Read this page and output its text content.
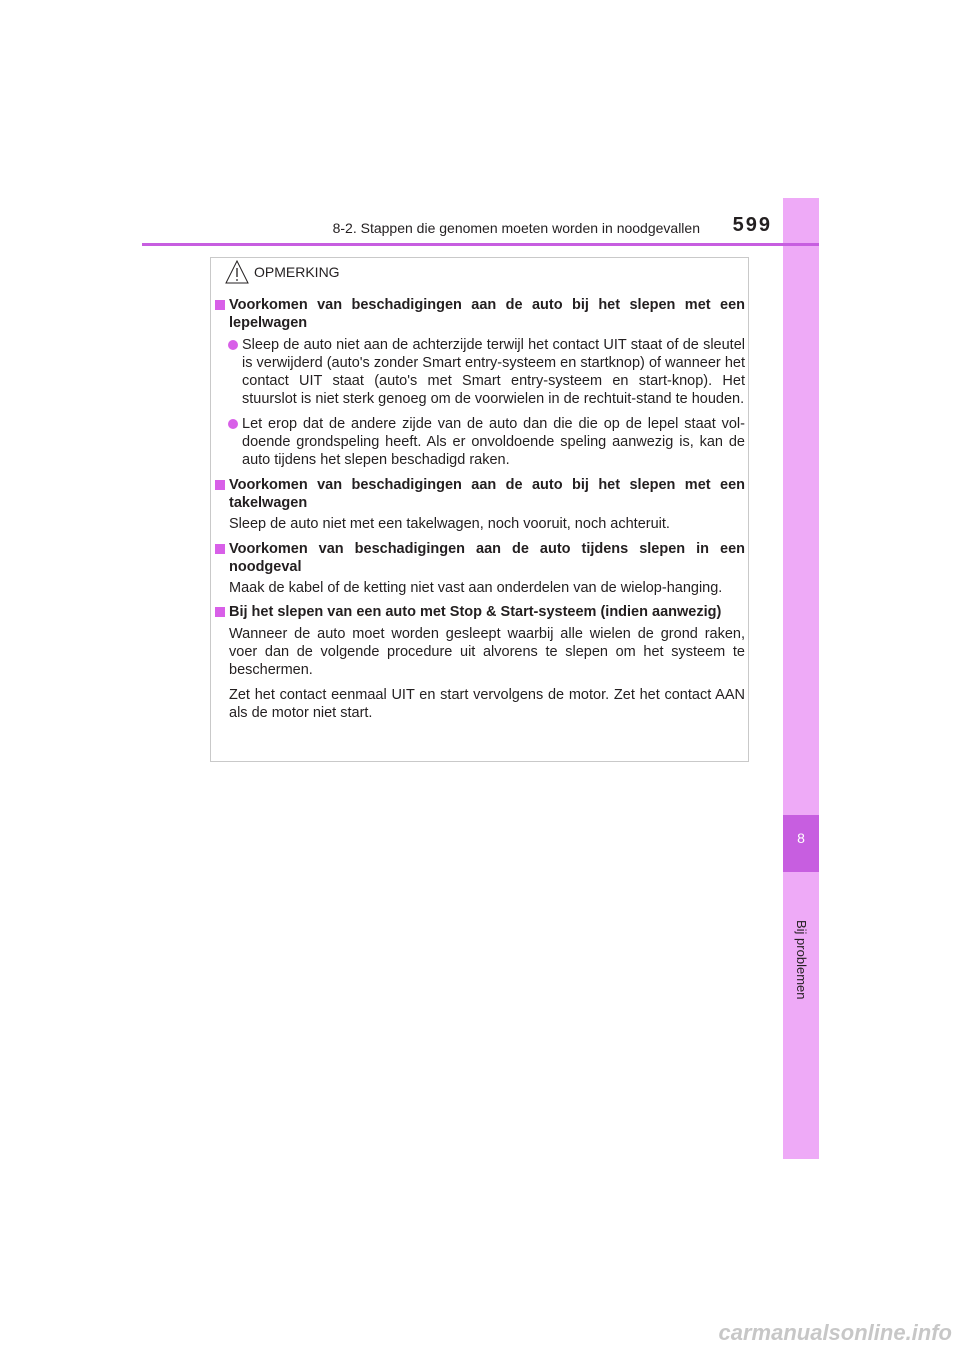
8
Bij problemen
8-2. Stappen die genomen moeten worden in noodgevallen	599
OPMERKING
Voorkomen van beschadigingen aan de auto bij het slepen met een lepelwagen
Sleep de auto niet aan de achterzijde terwijl het contact UIT staat of de sleutel is verwijderd (auto's zonder Smart entry-systeem en startknop) of wanneer het contact UIT staat (auto's met Smart entry-systeem en start-knop). Het stuurslot is niet sterk genoeg om de voorwielen in de rechtuit-stand te houden.
Let erop dat de andere zijde van de auto dan die die op de lepel staat vol-doende grondspeling heeft. Als er onvoldoende speling aanwezig is, kan de auto tijdens het slepen beschadigd raken.
Voorkomen van beschadigingen aan de auto bij het slepen met een takelwagen
Sleep de auto niet met een takelwagen, noch vooruit, noch achteruit.
Voorkomen van beschadigingen aan de auto tijdens slepen in een noodgeval
Maak de kabel of de ketting niet vast aan onderdelen van de wielop-hanging.
Bij het slepen van een auto met Stop & Start-systeem (indien aanwezig)
Wanneer de auto moet worden gesleept waarbij alle wielen de grond raken, voer dan de volgende procedure uit alvorens te slepen om het systeem te beschermen.
Zet het contact eenmaal UIT en start vervolgens de motor. Zet het contact AAN als de motor niet start.
carmanualsonline.info
